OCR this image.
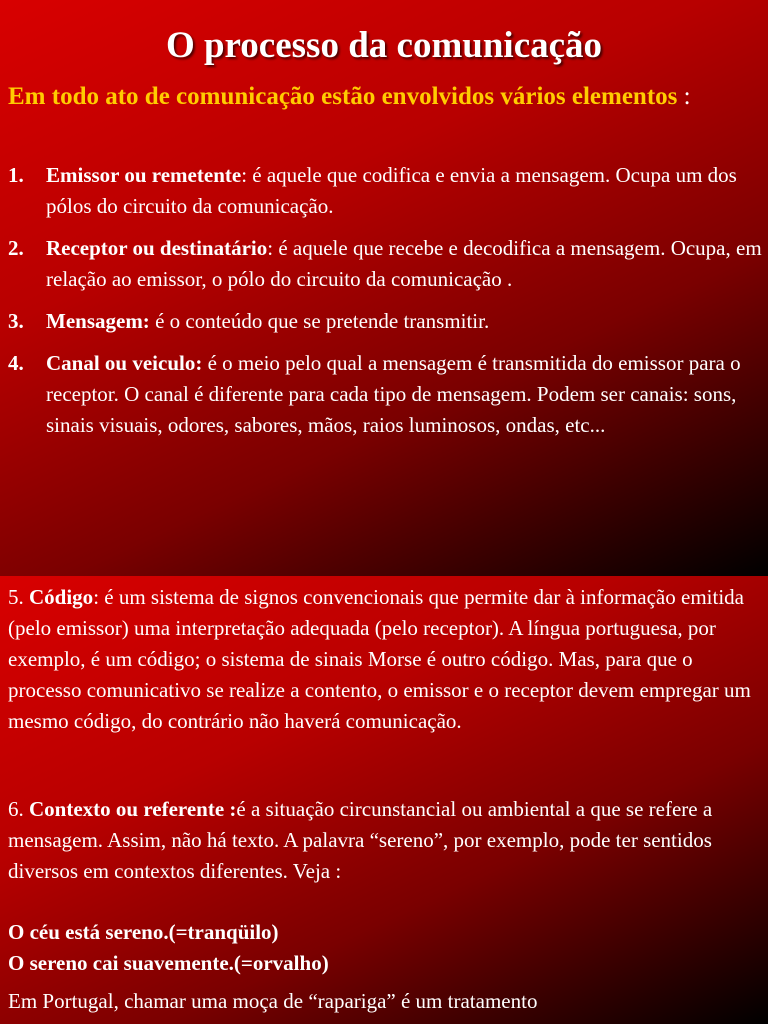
O processo da comunicação

Em todo ato de comunicação estão envolvidos vários elementos :

1. Emissor ou remetente: é aquele que codifica e envia a mensagem. Ocupa um dos pólos do circuito da comunicação.
2. Receptor ou destinatário: é aquele que recebe e decodifica a mensagem. Ocupa, em relação ao emissor, o pólo do circuito da comunicação .
3. Mensagem: é o conteúdo que se pretende transmitir.
4. Canal ou veiculo: é o meio pelo qual a mensagem é transmitida do emissor para o receptor. O canal é diferente para cada tipo de mensagem. Podem ser canais: sons, sinais visuais, odores, sabores, mãos, raios luminosos, ondas, etc...

5. Código: é um sistema de signos convencionais que permite dar à informação emitida (pelo emissor) uma interpretação adequada (pelo receptor). A língua portuguesa, por exemplo, é um código; o sistema de sinais Morse é outro código. Mas, para que o processo comunicativo se realize a contento, o emissor e o receptor devem empregar um mesmo código, do contrário não haverá comunicação.

6. Contexto ou referente :é a situação circunstancial ou ambiental a que se refere a mensagem. Assim, não há texto. A palavra “sereno”, por exemplo, pode ter sentidos diversos em contextos diferentes. Veja :

O céu está sereno.(=tranqüilo)
O sereno cai suavemente.(=orvalho)

Em Portugal, chamar uma moça de “rapariga” é um tratamento
